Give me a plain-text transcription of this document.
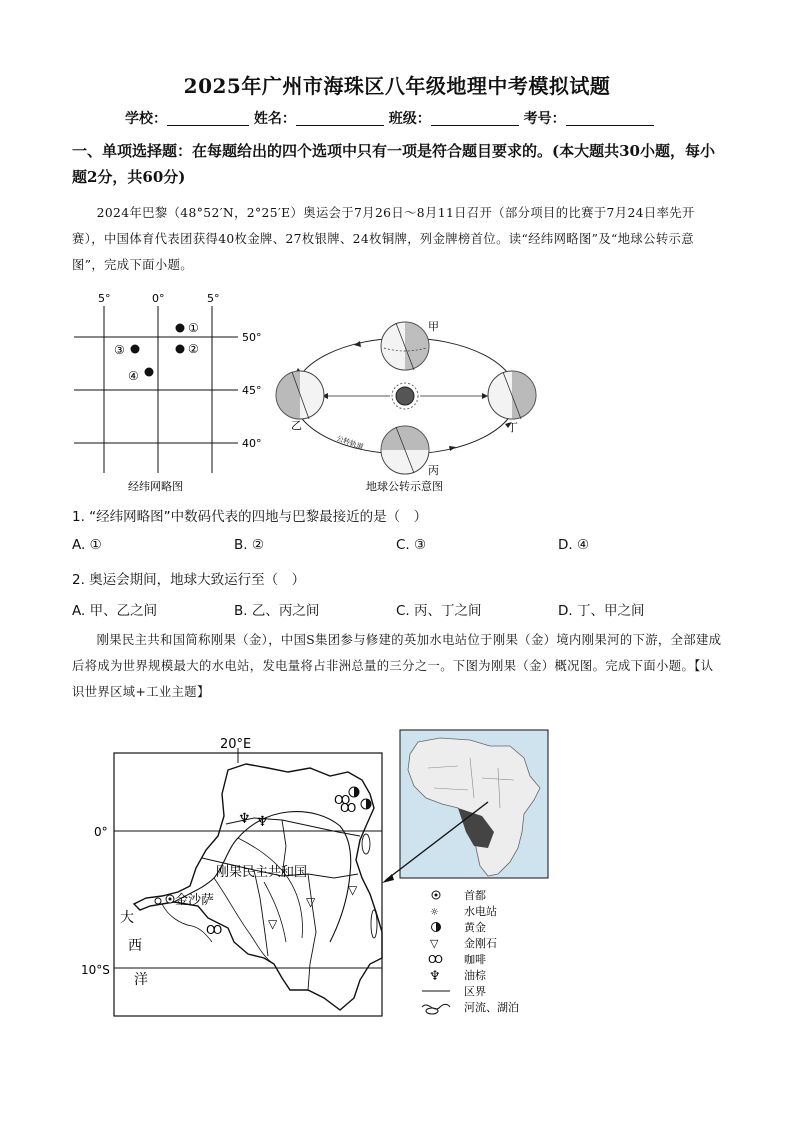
2025年广州市海珠区八年级地理中考模拟试题
学校：	姓名：	班级：	考号：
一、单项选择题：在每题给出的四个选项中只有一项是符合题目要求的。(本大题共30小题，每小题2分，共60分)
2024年巴黎（48°52′N，2°25′E）奥运会于7月26日～8月11日召开（部分项目的比赛于7月24日率先开赛），中国体育代表团获得40枚金牌、27枚银牌、24枚铜牌，列金牌榜首位。读“经纬网略图”及“地球公转示意图”，完成下面小题。
5°	0°	5°
50°
45°
40°
①
②
③
④
经纬网略图
甲
乙
丙
丁
公转轨道
地球公转示意图
1. “经纬网略图”中数码代表的四地与巴黎最接近的是（　）
A. ①	B. ②	C. ③	D. ④
2. 奥运会期间，地球大致运行至（　）
A. 甲、乙之间	B. 乙、丙之间	C. 丙、丁之间	D. 丁、甲之间
刚果民主共和国简称刚果（金），中国S集团参与修建的英加水电站位于刚果（金）境内刚果河的下游，全部建成后将成为世界规模最大的水电站，发电量将占非洲总量的三分之一。下图为刚果（金）概况图。完成下面小题。【认识世界区域+工业主题】
20°E
0°
10°S
♆ ♆
Ꝏ
Ꝏ
Ꝏ
▽
▽
▽
金沙萨
刚果民主共和国
大
西
洋
首都
☼ 水电站
黄金
▽ 金刚石
Ꝏ 咖啡
♆ 油棕
区界
河流、湖泊
